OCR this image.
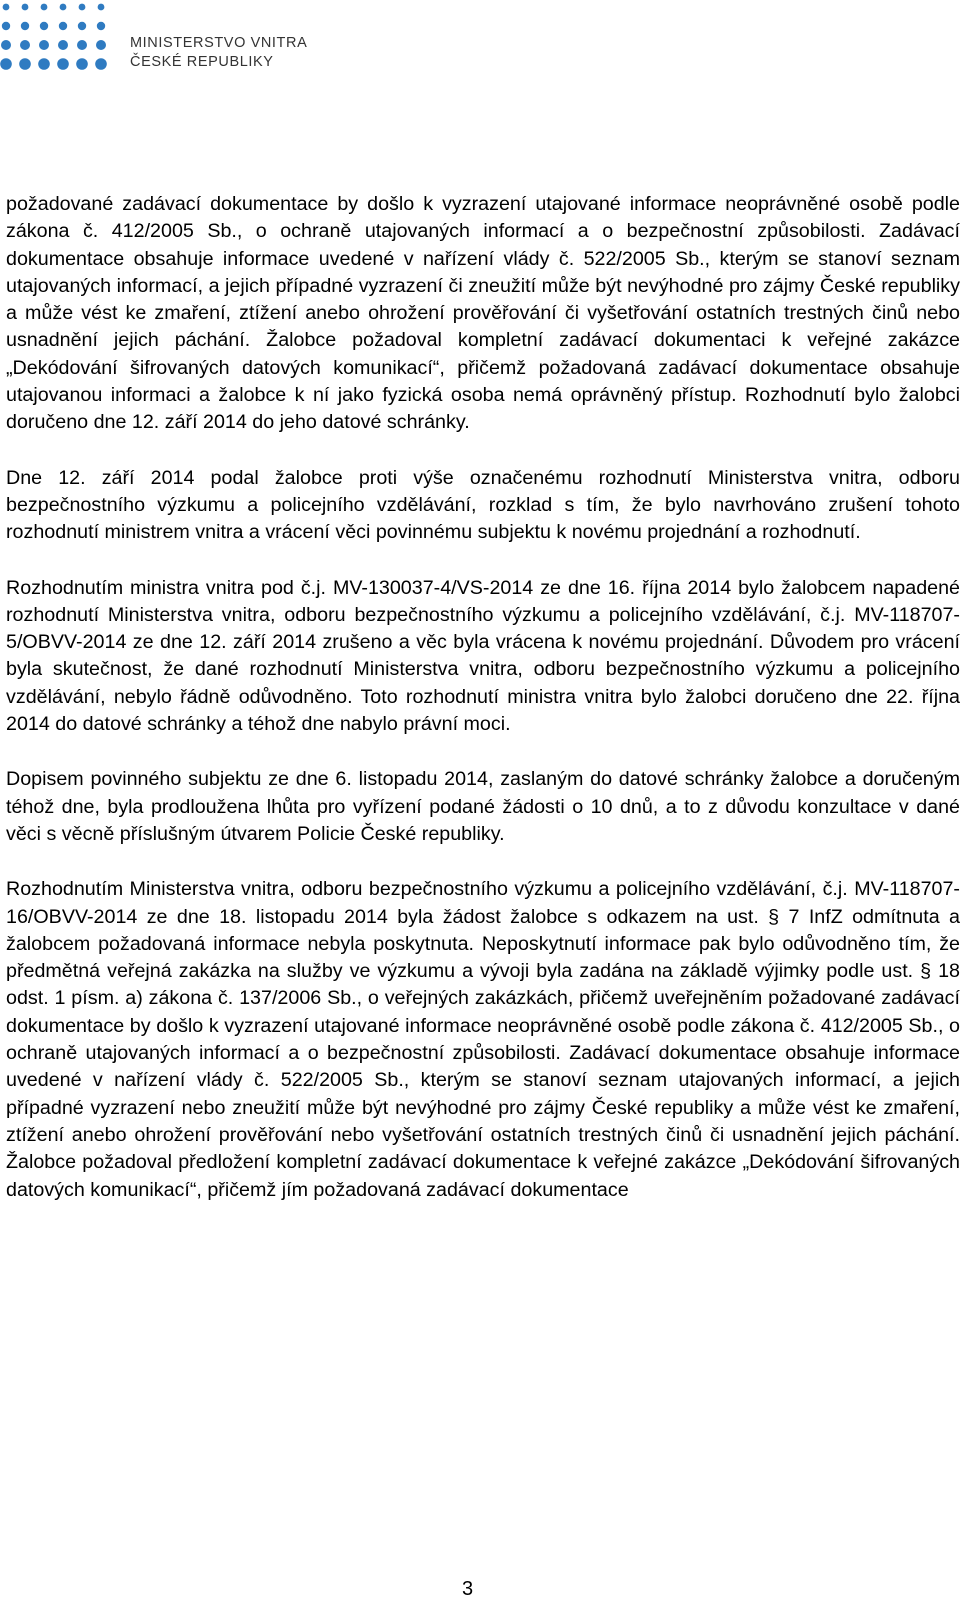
MINISTERSTVO VNITRA
ČESKÉ REPUBLIKY

požadované zadávací dokumentace by došlo k vyzrazení utajované informace neoprávněné osobě podle zákona č. 412/2005 Sb., o ochraně utajovaných informací a o bezpečnostní způsobilosti. Zadávací dokumentace obsahuje informace uvedené v nařízení vlády č. 522/2005 Sb., kterým se stanoví seznam utajovaných informací, a jejich případné vyzrazení či zneužití může být nevýhodné pro zájmy České republiky a může vést ke zmaření, ztížení anebo ohrožení prověřování či vyšetřování ostatních trestných činů nebo usnadnění jejich páchání. Žalobce požadoval kompletní zadávací dokumentaci k veřejné zakázce „Dekódování šifrovaných datových komunikací“, přičemž požadovaná zadávací dokumentace obsahuje utajovanou informaci a žalobce k ní jako fyzická osoba nemá oprávněný přístup. Rozhodnutí bylo žalobci doručeno dne 12. září 2014 do jeho datové schránky.

Dne 12. září 2014 podal žalobce proti výše označenému rozhodnutí Ministerstva vnitra, odboru bezpečnostního výzkumu a policejního vzdělávání, rozklad s tím, že bylo navrhováno zrušení tohoto rozhodnutí ministrem vnitra a vrácení věci povinnému subjektu k novému projednání a rozhodnutí.

Rozhodnutím ministra vnitra pod č.j. MV-130037-4/VS-2014 ze dne 16. října 2014 bylo žalobcem napadené rozhodnutí Ministerstva vnitra, odboru bezpečnostního výzkumu a policejního vzdělávání, č.j. MV-118707-5/OBVV-2014 ze dne 12. září 2014 zrušeno a věc byla vrácena k novému projednání. Důvodem pro vrácení byla skutečnost, že dané rozhodnutí Ministerstva vnitra, odboru bezpečnostního výzkumu a policejního vzdělávání, nebylo řádně odůvodněno. Toto rozhodnutí ministra vnitra bylo žalobci doručeno dne 22. října 2014 do datové schránky a téhož dne nabylo právní moci.

Dopisem povinného subjektu ze dne 6. listopadu 2014, zaslaným do datové schránky žalobce a doručeným téhož dne, byla prodloužena lhůta pro vyřízení podané žádosti o 10 dnů, a to z důvodu konzultace v dané věci s věcně příslušným útvarem Policie České republiky.

Rozhodnutím Ministerstva vnitra, odboru bezpečnostního výzkumu a policejního vzdělávání, č.j. MV-118707-16/OBVV-2014 ze dne 18. listopadu 2014 byla žádost žalobce s odkazem na ust. § 7 InfZ odmítnuta a žalobcem požadovaná informace nebyla poskytnuta. Neposkytnutí informace pak bylo odůvodněno tím, že předmětná veřejná zakázka na služby ve výzkumu a vývoji byla zadána na základě výjimky podle ust. § 18 odst. 1 písm. a) zákona č. 137/2006 Sb., o veřejných zakázkách, přičemž uveřejněním požadované zadávací dokumentace by došlo k vyzrazení utajované informace neoprávněné osobě podle zákona č. 412/2005 Sb., o ochraně utajovaných informací a o bezpečnostní způsobilosti. Zadávací dokumentace obsahuje informace uvedené v nařízení vlády č. 522/2005 Sb., kterým se stanoví seznam utajovaných informací, a jejich případné vyzrazení nebo zneužití může být nevýhodné pro zájmy České republiky a může vést ke zmaření, ztížení anebo ohrožení prověřování nebo vyšetřování ostatních trestných činů či usnadnění jejich páchání. Žalobce požadoval předložení kompletní zadávací dokumentace k veřejné zakázce „Dekódování šifrovaných datových komunikací“, přičemž jím požadovaná zadávací dokumentace

3
